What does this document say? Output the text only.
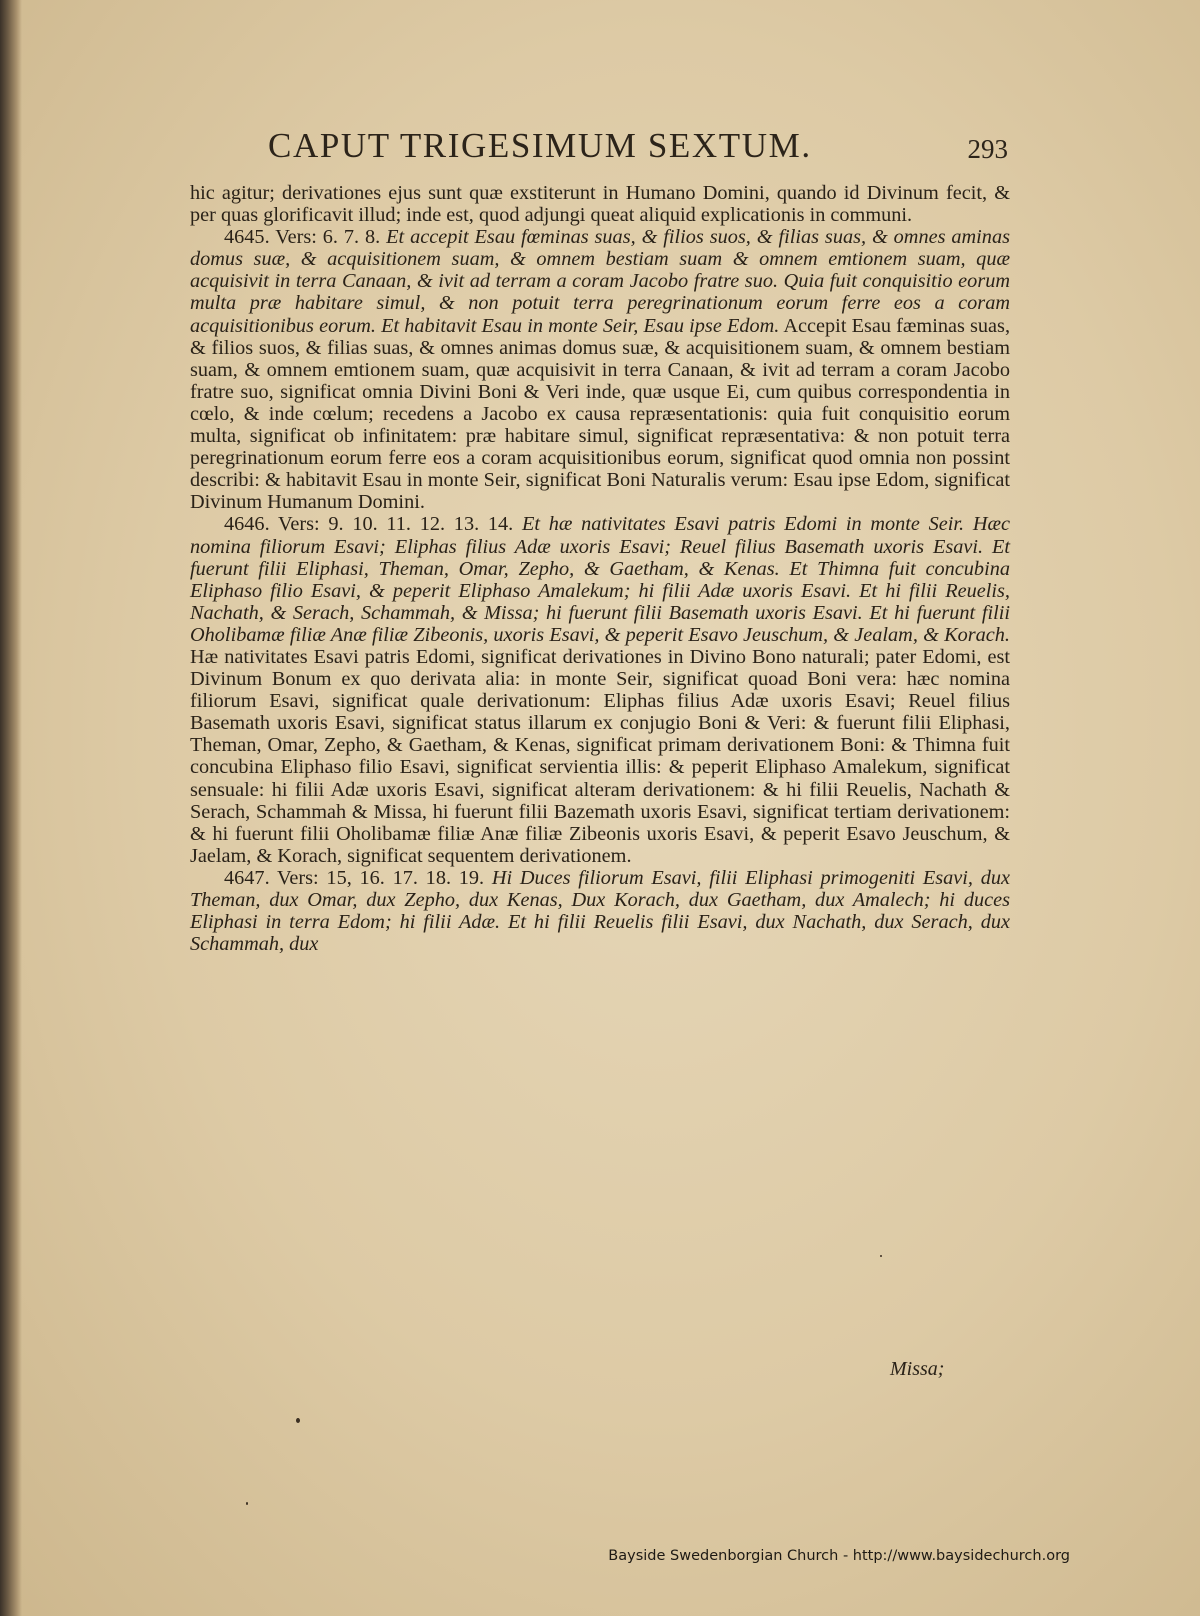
CAPUT TRIGESIMUM SEXTUM.	293

hic agitur; derivationes ejus sunt quæ exstiterunt in Humano Domini, quando id Divinum fecit, & per quas glorificavit illud; inde est, quod adjungi queat aliquid explicationis in communi.

4645. Vers: 6. 7. 8. Et accepit Esau fœminas suas, & filios suos, & filias suas, & omnes aminas domus suæ, & acquisitionem suam, & omnem bestiam suam & omnem emtionem suam, quæ acquisivit in terra Canaan, & ivit ad terram a coram Jacobo fratre suo. Quia fuit conquisitio eorum multa præ habitare simul, & non potuit terra peregrinationum eorum ferre eos a coram acquisitionibus eorum. Et habitavit Esau in monte Seir, Esau ipse Edom. Accepit Esau fæminas suas, & filios suos, & filias suas, & omnes animas domus suæ, & acquisitionem suam, & omnem bestiam suam, & omnem emtionem suam, quæ acquisivit in terra Canaan, & ivit ad terram a coram Jacobo fratre suo, significat omnia Divini Boni & Veri inde, quæ usque Ei, cum quibus correspondentia in cœlo, & inde cœlum; recedens a Jacobo ex causa repræsentationis: quia fuit conquisitio eorum multa, significat ob infinitatem: præ habitare simul, significat repræsentativa: & non potuit terra peregrinationum eorum ferre eos a coram acquisitionibus eorum, significat quod omnia non possint describi: & habitavit Esau in monte Seir, significat Boni Naturalis verum: Esau ipse Edom, significat Divinum Humanum Domini.

4646. Vers: 9. 10. 11. 12. 13. 14. Et hæ nativitates Esavi patris Edomi in monte Seir. Hæc nomina filiorum Esavi; Eliphas filius Adæ uxoris Esavi; Reuel filius Basemath uxoris Esavi. Et fuerunt filii Eliphasi, Theman, Omar, Zepho, & Gaetham, & Kenas. Et Thimna fuit concubina Eliphaso filio Esavi, & peperit Eliphaso Amalekum; hi filii Adæ uxoris Esavi. Et hi filii Reuelis, Nachath, & Serach, Schammah, & Missa; hi fuerunt filii Basemath uxoris Esavi. Et hi fuerunt filii Oholibamæ filiæ Anæ filiæ Zibeonis, uxoris Esavi, & peperit Esavo Jeuschum, & Jealam, & Korach. Hæ nativitates Esavi patris Edomi, significat derivationes in Divino Bono naturali; pater Edomi, est Divinum Bonum ex quo derivata alia: in monte Seir, significat quoad Boni vera: hæc nomina filiorum Esavi, significat quale derivationum: Eliphas filius Adæ uxoris Esavi; Reuel filius Basemath uxoris Esavi, significat status illarum ex conjugio Boni & Veri: & fuerunt filii Eliphasi, Theman, Omar, Zepho, & Gaetham, & Kenas, significat primam derivationem Boni: & Thimna fuit concubina Eliphaso filio Esavi, significat servientia illis: & peperit Eliphaso Amalekum, significat sensuale: hi filii Adæ uxoris Esavi, significat alteram derivationem: & hi filii Reuelis, Nachath & Serach, Schammah & Missa, hi fuerunt filii Bazemath uxoris Esavi, significat tertiam derivationem: & hi fuerunt filii Oholibamæ filiæ Anæ filiæ Zibeonis uxoris Esavi, & peperit Esavo Jeuschum, & Jaelam, & Korach, significat sequentem derivationem.

4647. Vers: 15, 16. 17. 18. 19. Hi Duces filiorum Esavi, filii Eliphasi primogeniti Esavi, dux Theman, dux Omar, dux Zepho, dux Kenas, Dux Korach, dux Gaetham, dux Amalech; hi duces Eliphasi in terra Edom; hi filii Adæ. Et hi filii Reuelis filii Esavi, dux Nachath, dux Serach, dux Schammah, dux

Missa;
Bayside Swedenborgian Church - http://www.baysidechurch.org
